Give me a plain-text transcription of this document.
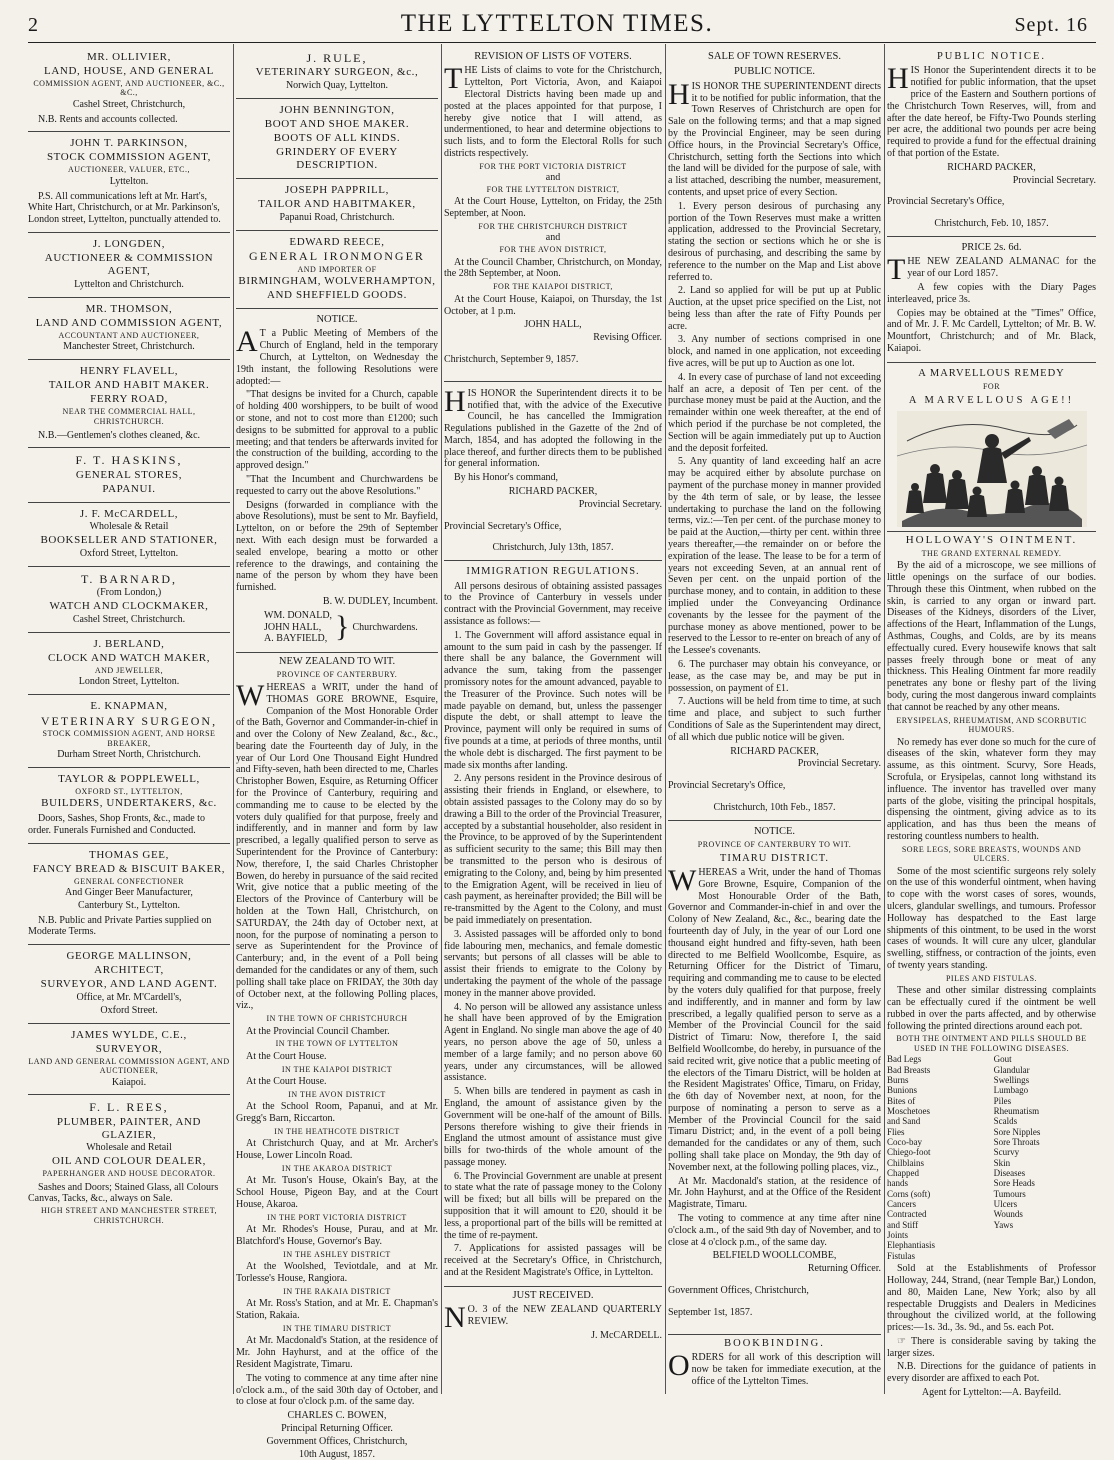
2	THE LYTTELTON TIMES.	Sept. 16

MR. OLLIVIER,

LAND, HOUSE, AND GENERAL

COMMISSION AGENT, AND AUCTIONEER, &C., &C.,

Cashel Street, Christchurch,

N.B. Rents and accounts collected.

JOHN T. PARKINSON,

STOCK COMMISSION AGENT,

AUCTIONEER, VALUER, ETC.,

Lyttelton.

P.S. All communications left at Mr. Hart's, White Hart, Christchurch, or at Mr. Parkinson's, London street, Lyttelton, punctually attended to.

J. LONGDEN,

AUCTIONEER & COMMISSION AGENT,

Lyttelton and Christchurch.

MR. THOMSON,

LAND AND COMMISSION AGENT,

ACCOUNTANT AND AUCTIONEER,

Manchester Street, Christchurch.

HENRY FLAVELL,

TAILOR AND HABIT MAKER.

FERRY ROAD,

NEAR THE COMMERCIAL HALL,

CHRISTCHURCH.

N.B.—Gentlemen's clothes cleaned, &c.

F. T. HASKINS,

GENERAL STORES,

PAPANUI.

J. F. McCARDELL,

Wholesale & Retail

BOOKSELLER AND STATIONER,

Oxford Street, Lyttelton.

T. BARNARD,

(From London,)

WATCH AND CLOCKMAKER,

Cashel Street, Christchurch.

J. BERLAND,

CLOCK AND WATCH MAKER,

AND JEWELLER,

London Street, Lyttelton.

E. KNAPMAN,

VETERINARY SURGEON,

STOCK COMMISSION AGENT, AND HORSE BREAKER,

Durham Street North, Christchurch.

TAYLOR & POPPLEWELL,

OXFORD ST., LYTTELTON,

BUILDERS, UNDERTAKERS, &c.

Doors, Sashes, Shop Fronts, &c., made to order. Funerals Furnished and Conducted.

THOMAS GEE,

FANCY BREAD & BISCUIT BAKER,

GENERAL CONFECTIONER

And Ginger Beer Manufacturer,

Canterbury St., Lyttelton.

N.B. Public and Private Parties supplied on Moderate Terms.

GEORGE MALLINSON,

ARCHITECT,

SURVEYOR, AND LAND AGENT.

Office, at Mr. M'Cardell's,

Oxford Street.

JAMES WYLDE, C.E.,

SURVEYOR,

LAND AND GENERAL COMMISSION AGENT, AND AUCTIONEER,

Kaiapoi.

F. L. REES,

PLUMBER, PAINTER, AND GLAZIER,

Wholesale and Retail

OIL AND COLOUR DEALER,

PAPERHANGER AND HOUSE DECORATOR.

Sashes and Doors; Stained Glass, all Colours Canvas, Tacks, &c., always on Sale.

HIGH STREET AND MANCHESTER STREET, CHRISTCHURCH.

J. RULE,

VETERINARY SURGEON, &c.,

Norwich Quay, Lyttelton.

JOHN BENNINGTON,

BOOT AND SHOE MAKER.

BOOTS OF ALL KINDS.

GRINDERY OF EVERY DESCRIPTION.

JOSEPH PAPPRILL,

TAILOR AND HABITMAKER,

Papanui Road, Christchurch.

EDWARD REECE,

GENERAL IRONMONGER

AND IMPORTER OF

BIRMINGHAM, WOLVERHAMPTON,

AND SHEFFIELD GOODS.

NOTICE.

A T a Public Meeting of Members of the Church of England, held in the temporary Church, at Lyttelton, on Wednesday the 19th instant, the following Resolutions were adopted:—

"That designs be invited for a Church, capable of holding 400 worshippers, to be built of wood or stone, and not to cost more than £1200; such designs to be submitted for approval to a public meeting; and that tenders be afterwards invited for the construction of the building, according to the approved design."

"That the Incumbent and Churchwardens be requested to carry out the above Resolutions."

Designs (forwarded in compliance with the above Resolutions), must be sent to Mr. Bayfield, Lyttelton, on or before the 29th of September next. With each design must be forwarded a sealed envelope, bearing a motto or other reference to the drawings, and containing the name of the person by whom they have been furnished.

B. W. DUDLEY, Incumbent.

WM. DONALD,
JOHN HALL,
A. BAYFIELD, } Churchwardens.
NEW ZEALAND TO WIT.
PROVINCE OF CANTERBURY.

WHEREAS a WRIT, under the hand of THOMAS GORE BROWNE, Esquire, Companion of the Most Honorable Order of the Bath, Governor and Commander-in-chief in and over the Colony of New Zealand, &c., &c., bearing date the Fourteenth day of July, in the year of Our Lord One Thousand Eight Hundred and Fifty-seven, hath been directed to me, Charles Christopher Bowen, Esquire, as Returning Officer for the Province of Canterbury, requiring and commanding me to cause to be elected by the voters duly qualified for that purpose, freely and indifferently, and in manner and form by law prescribed, a legally qualified person to serve as Superintendent for the Province of Canterbury: Now, therefore, I, the said Charles Christopher Bowen, do hereby in pursuance of the said recited Writ, give notice that a public meeting of the Electors of the Province of Canterbury will be holden at the Town Hall, Christchurch, on SATURDAY, the 24th day of October next, at noon, for the purpose of nominating a person to serve as Superintendent for the Province of Canterbury; and, in the event of a Poll being demanded for the candidates or any of them, such polling shall take place on FRIDAY, the 30th day of October next, at the following Polling places, viz.,

IN THE TOWN OF CHRISTCHURCH

At the Provincial Council Chamber.

IN THE TOWN OF LYTTELTON

At the Court House.

IN THE KAIAPOI DISTRICT

At the Court House.

IN THE AVON DISTRICT

At the School Room, Papanui, and at Mr. Gregg's Barn, Riccarton.

IN THE HEATHCOTE DISTRICT

At Christchurch Quay, and at Mr. Archer's House, Lower Lincoln Road.

IN THE AKAROA DISTRICT

At Mr. Tuson's House, Okain's Bay, at the School House, Pigeon Bay, and at the Court House, Akaroa.

IN THE PORT VICTORIA DISTRICT

At Mr. Rhodes's House, Purau, and at Mr. Blatchford's House, Governor's Bay.

IN THE ASHLEY DISTRICT

At the Woolshed, Teviotdale, and at Mr. Torlesse's House, Rangiora.

IN THE RAKAIA DISTRICT

At Mr. Ross's Station, and at Mr. E. Chapman's Station, Rakaia.

IN THE TIMARU DISTRICT

At Mr. Macdonald's Station, at the residence of Mr. John Hayhurst, and at the office of the Resident Magistrate, Timaru.

The voting to commence at any time after nine o'clock a.m., of the said 30th day of October, and to close at four o'clock p.m. of the same day.

CHARLES C. BOWEN,

Principal Returning Officer.

Government Offices, Christchurch,

10th August, 1857.

REVISION OF LISTS OF VOTERS.

THE Lists of claims to vote for the Christchurch, Lyttelton, Port Victoria, Avon, and Kaiapoi Electoral Districts having been made up and posted at the places appointed for that purpose, I hereby give notice that I will attend, as undermentioned, to hear and determine objections to such lists, and to form the Electoral Rolls for such districts respectively.

FOR THE PORT VICTORIA DISTRICT
and
FOR THE LYTTELTON DISTRICT,

At the Court House, Lyttelton, on Friday, the 25th September, at Noon.

FOR THE CHRISTCHURCH DISTRICT
and
FOR THE AVON DISTRICT,

At the Council Chamber, Christchurch, on Monday, the 28th September, at Noon.

FOR THE KAIAPOI DISTRICT,

At the Court House, Kaiapoi, on Thursday, the 1st October, at 1 p.m.

JOHN HALL,

Revising Officer.

Christchurch, September 9, 1857.

HIS HONOR the Superintendent directs it to be notified that, with the advice of the Executive Council, he has cancelled the Immigration Regulations published in the Gazette of the 2nd of March, 1854, and has adopted the following in the place thereof, and further directs them to be published for general information.

By his Honor's command,

RICHARD PACKER,

Provincial Secretary.

Provincial Secretary's Office,

Christchurch, July 13th, 1857.

IMMIGRATION REGULATIONS.

All persons desirous of obtaining assisted passages to the Province of Canterbury in vessels under contract with the Provincial Government, may receive assistance as follows:—

1. The Government will afford assistance equal in amount to the sum paid in cash by the passenger. If there shall be any balance, the Government will advance the sum, taking from the passenger promissory notes for the amount advanced, payable to the Treasurer of the Province. Such notes will be made payable on demand, but, unless the passenger dispute the debt, or shall attempt to leave the Province, payment will only be required in sums of five pounds at a time, at periods of three months, until the whole debt is discharged. The first payment to be made six months after landing.

2. Any persons resident in the Province desirous of assisting their friends in England, or elsewhere, to obtain assisted passages to the Colony may do so by drawing a Bill to the order of the Provincial Treasurer, accepted by a substantial householder, also resident in the Province, to be approved of by the Superintendent as sufficient security to the same; this Bill may then be transmitted to the person who is desirous of emigrating to the Colony, and, being by him presented to the Emigration Agent, will be received in lieu of cash payment, as hereinafter provided; the Bill will be re-transmitted by the Agent to the Colony, and must be paid immediately on presentation.

3. Assisted passages will be afforded only to bond fide labouring men, mechanics, and female domestic servants; but persons of all classes will be able to assist their friends to emigrate to the Colony by undertaking the payment of the whole of the passage money in the manner above provided.

4. No person will be allowed any assistance unless he shall have been approved of by the Emigration Agent in England. No single man above the age of 40 years, no person above the age of 50, unless a member of a large family; and no person above 60 years, under any circumstances, will be allowed assistance.

5. When bills are tendered in payment as cash in England, the amount of assistance given by the Government will be one-half of the amount of Bills. Persons therefore wishing to give their friends in England the utmost amount of assistance must give bills for two-thirds of the whole amount of the passage money.

6. The Provincial Government are unable at present to state what the rate of passage money to the Colony will be fixed; but all bills will be prepared on the supposition that it will amount to £20, should it be less, a proportional part of the bills will be remitted at the time of re-payment.

7. Applications for assisted passages will be received at the Secretary's Office, in Christchurch, and at the Resident Magistrate's Office, in Lyttelton.

JUST RECEIVED.

N O. 3 of the NEW ZEALAND QUARTERLY REVIEW.

J. McCARDELL.

SALE OF TOWN RESERVES.
PUBLIC NOTICE.

HIS HONOR THE SUPERINTENDENT directs it to be notified for public information, that the Town Reserves of Christchurch are open for Sale on the following terms; and that a map signed by the Provincial Engineer, may be seen during Office hours, in the Provincial Secretary's Office, Christchurch, setting forth the Sections into which the land will be divided for the purpose of sale, with a list attached, describing the number, measurement, contents, and upset price of every Section.

1. Every person desirous of purchasing any portion of the Town Reserves must make a written application, addressed to the Provincial Secretary, stating the section or sections which he or she is desirous of purchasing, and describing the same by reference to the number on the Map and List above referred to.

2. Land so applied for will be put up at Public Auction, at the upset price specified on the List, not being less than after the rate of Fifty Pounds per acre.

3. Any number of sections comprised in one block, and named in one application, not exceeding five acres, will be put up to Auction as one lot.

4. In every case of purchase of land not exceeding half an acre, a deposit of Ten per cent. of the purchase money must be paid at the Auction, and the remainder within one week thereafter, at the end of which period if the purchase be not completed, the Section will be again immediately put up to Auction and the deposit forfeited.

5. Any quantity of land exceeding half an acre may be acquired either by absolute purchase on payment of the purchase money in manner provided by the 4th term of sale, or by lease, the lessee undertaking to purchase the land on the following terms, viz.:—Ten per cent. of the purchase money to be paid at the Auction,—thirty per cent. within three years thereafter,—the remainder on or before the expiration of the lease. The lease to be for a term of years not exceeding Seven, at an annual rent of Seven per cent. on the unpaid portion of the purchase money, and to contain, in addition to these implied under the Conveyancing Ordinance covenants by the lessee for the payment of the purchase money as above mentioned, power to be reserved to the Lessor to re-enter on breach of any of the Lessee's covenants.

6. The purchaser may obtain his conveyance, or lease, as the case may be, and may be put in possession, on payment of £1.

7. Auctions will be held from time to time, at such time and place, and subject to such further Conditions of Sale as the Superintendent may direct, of all which due public notice will be given.

RICHARD PACKER,

Provincial Secretary.

Provincial Secretary's Office,

Christchurch, 10th Feb., 1857.

NOTICE.
PROVINCE OF CANTERBURY TO WIT.
TIMARU DISTRICT.

WHEREAS a Writ, under the hand of Thomas Gore Browne, Esquire, Companion of the Most Honourable Order of the Bath, Governor and Commander-in-chief in and over the Colony of New Zealand, &c., &c., bearing date the fourteenth day of July, in the year of our Lord one thousand eight hundred and fifty-seven, hath been directed to me Belfield Woollcombe, Esquire, as Returning Officer for the District of Timaru, requiring and commanding me to cause to be elected by the voters duly qualified for that purpose, freely and indifferently, and in manner and form by law prescribed, a legally qualified person to serve as a Member of the Provincial Council for the said District of Timaru: Now, therefore I, the said Belfield Woollcombe, do hereby, in pursuance of the said recited writ, give notice that a public meeting of the electors of the Timaru District, will be holden at the Resident Magistrates' Office, Timaru, on Friday, the 6th day of November next, at noon, for the purpose of nominating a person to serve as a Member of the Provincial Council for the said Timaru District; and, in the event of a poll being demanded for the candidates or any of them, such polling shall take place on Monday, the 9th day of November next, at the following polling places, viz.,

At Mr. Macdonald's station, at the residence of Mr. John Hayhurst, and at the Office of the Resident Magistrate, Timaru.

The voting to commence at any time after nine o'clock a.m., of the said 9th day of November, and to close at 4 o'clock p.m., of the same day.

BELFIELD WOOLLCOMBE,

Returning Officer.

Government Offices, Christchurch,

September 1st, 1857.

BOOKBINDING.

ORDERS for all work of this description will now be taken for immediate execution, at the office of the Lyttelton Times.

PUBLIC NOTICE.

HIS Honor the Superintendent directs it to be notified for public information, that the upset price of the Eastern and Southern portions of the Christchurch Town Reserves, will, from and after the date hereof, be Fifty-Two Pounds sterling per acre, the additional two pounds per acre being required to provide a fund for the effectual draining of that portion of the Estate.

RICHARD PACKER,

Provincial Secretary.

Provincial Secretary's Office,

Christchurch, Feb. 10, 1857.

PRICE 2s. 6d.

THE NEW ZEALAND ALMANAC for the year of our Lord 1857.

A few copies with the Diary Pages interleaved, price 3s.

Copies may be obtained at the "Times" Office, and of Mr. J. F. Mc Cardell, Lyttelton; of Mr. B. W. Mountfort, Christchurch; and of Mr. Black, Kaiapoi.

A MARVELLOUS REMEDY
FOR
A MARVELLOUS AGE!!
HOLLOWAY'S OINTMENT.
THE GRAND EXTERNAL REMEDY.

By the aid of a microscope, we see millions of little openings on the surface of our bodies. Through these this Ointment, when rubbed on the skin, is carried to any organ or inward part. Diseases of the Kidneys, disorders of the Liver, affections of the Heart, Inflammation of the Lungs, Asthmas, Coughs, and Colds, are by its means effectually cured. Every housewife knows that salt passes freely through bone or meat of any thickness. This Healing Ointment far more readily penetrates any bone or fleshy part of the living body, curing the most dangerous inward complaints that cannot be reached by any other means.

ERYSIPELAS, RHEUMATISM, AND SCORBUTIC HUMOURS.

No remedy has ever done so much for the cure of diseases of the skin, whatever form they may assume, as this ointment. Scurvy, Sore Heads, Scrofula, or Erysipelas, cannot long withstand its influence. The inventor has travelled over many parts of the globe, visiting the principal hospitals, dispensing the ointment, giving advice as to its application, and has thus been the means of restoring countless numbers to health.

SORE LEGS, SORE BREASTS, WOUNDS AND ULCERS.

Some of the most scientific surgeons rely solely on the use of this wonderful ointment, when having to cope with the worst cases of sores, wounds, ulcers, glandular swellings, and tumours. Professor Holloway has despatched to the East large shipments of this ointment, to be used in the worst cases of wounds. It will cure any ulcer, glandular swelling, stiffness, or contraction of the joints, even of twenty years standing.

PILES AND FISTULAS.

These and other similar distressing complaints can be effectually cured if the ointment be well rubbed in over the parts affected, and by otherwise following the printed directions around each pot.

BOTH THE OINTMENT AND PILLS SHOULD BE USED IN THE FOLLOWING DISEASES.
Bad Legs
Bad Breasts
Burns
Bunions
Bites of Moschetoes and Sand Flies
Coco-bay
Chiego-foot
Chilblains
Chapped hands
Corns (soft)
Cancers
Contracted and Stiff Joints
Elephantiasis
Fistulas
Gout
Glandular Swellings
Lumbago
Piles
Rheumatism
Scalds
Sore Nipples
Sore Throats
Scurvy
Skin Diseases
Sore Heads
Tumours
Ulcers
Wounds
Yaws

Sold at the Establishments of Professor Holloway, 244, Strand, (near Temple Bar,) London, and 80, Maiden Lane, New York; also by all respectable Druggists and Dealers in Medicines throughout the civilized world, at the following prices:—1s. 3d., 3s. 9d., and 5s. each Pot.

☞ There is considerable saving by taking the larger sizes.

N.B. Directions for the guidance of patients in every disorder are affixed to each Pot.

Agent for Lyttelton:—A. Bayfeild.
